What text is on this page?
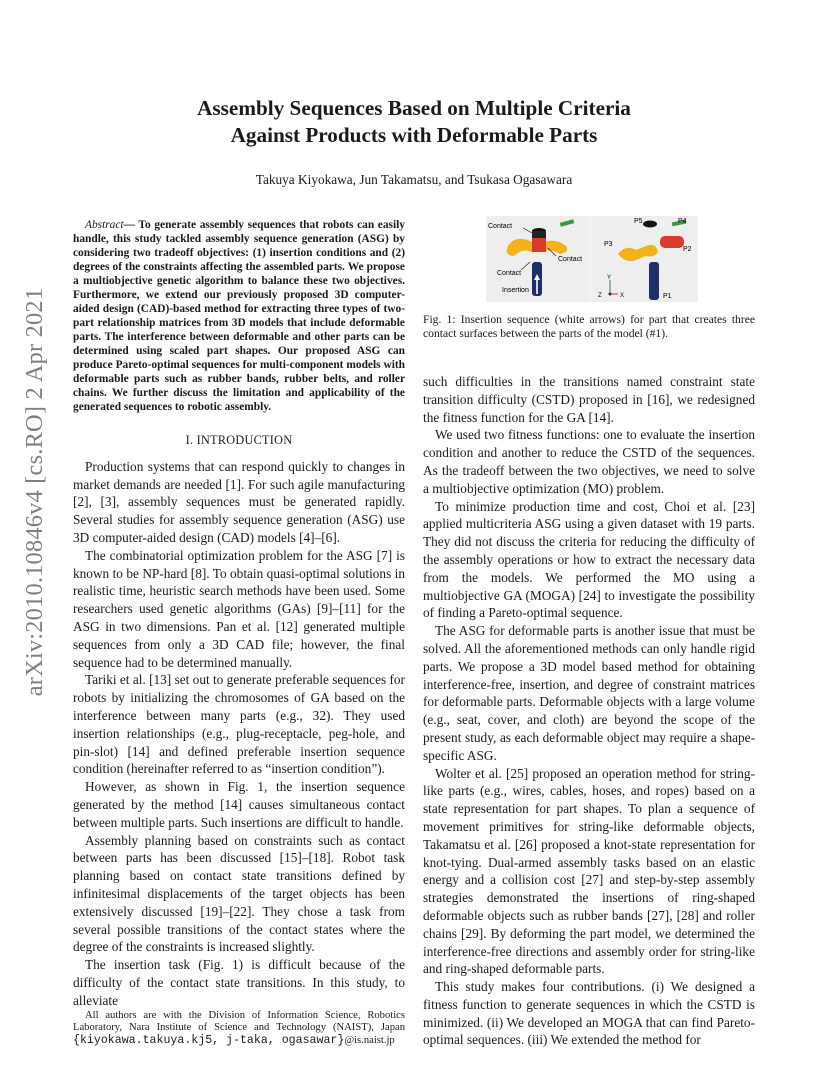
arXiv:2010.10846v4 [cs.RO] 2 Apr 2021
Assembly Sequences Based on Multiple Criteria
Against Products with Deformable Parts
Takuya Kiyokawa, Jun Takamatsu, and Tsukasa Ogasawara

Abstract— To generate assembly sequences that robots can easily handle, this study tackled assembly sequence generation (ASG) by considering two tradeoff objectives: (1) insertion conditions and (2) degrees of the constraints affecting the assembled parts. We propose a multiobjective genetic algorithm to balance these two objectives. Furthermore, we extend our previously proposed 3D computer-aided design (CAD)-based method for extracting three types of two-part relationship matrices from 3D models that include deformable parts. The interference between deformable and other parts can be determined using scaled part shapes. Our proposed ASG can produce Pareto-optimal sequences for multi-component models with deformable parts such as rubber bands, rubber belts, and roller chains. We further discuss the limitation and applicability of the generated sequences to robotic assembly.

I. INTRODUCTION

Production systems that can respond quickly to changes in market demands are needed [1]. For such agile manufacturing [2], [3], assembly sequences must be generated rapidly. Several studies for assembly sequence generation (ASG) use 3D computer-aided design (CAD) models [4]–[6].

The combinatorial optimization problem for the ASG [7] is known to be NP-hard [8]. To obtain quasi-optimal solutions in realistic time, heuristic search methods have been used. Some researchers used genetic algorithms (GAs) [9]–[11] for the ASG in two dimensions. Pan et al. [12] generated multiple sequences from only a 3D CAD file; however, the final sequence had to be determined manually.

Tariki et al. [13] set out to generate preferable sequences for robots by initializing the chromosomes of GA based on the interference between many parts (e.g., 32). They used insertion relationships (e.g., plug-receptacle, peg-hole, and pin-slot) [14] and defined preferable insertion sequence condition (hereinafter referred to as “insertion condition”).

However, as shown in Fig. 1, the insertion sequence generated by the method [14] causes simultaneous contact between multiple parts. Such insertions are difficult to handle.

Assembly planning based on constraints such as contact between parts has been discussed [15]–[18]. Robot task planning based on contact state transitions defined by infinitesimal displacements of the target objects has been extensively discussed [19]–[22]. They chose a task from several possible transitions of the contact states where the degree of the constraints is increased slightly.

The insertion task (Fig. 1) is difficult because of the difficulty of the contact state transitions. In this study, to alleviate

All authors are with the Division of Information Science, Robotics Laboratory, Nara Institute of Science and Technology (NAIST), Japan {kiyokawa.takuya.kj5, j-taka, ogasawar}@is.naist.jp

Contact
Contact
Contact
Insertion
P5	P4
P3
P2
P1
Y
Z	X
Fig. 1: Insertion sequence (white arrows) for part that creates three contact surfaces between the parts of the model (#1).

such difficulties in the transitions named constraint state transition difficulty (CSTD) proposed in [16], we redesigned the fitness function for the GA [14].

We used two fitness functions: one to evaluate the insertion condition and another to reduce the CSTD of the sequences. As the tradeoff between the two objectives, we need to solve a multiobjective optimization (MO) problem.

To minimize production time and cost, Choi et al. [23] applied multicriteria ASG using a given dataset with 19 parts. They did not discuss the criteria for reducing the difficulty of the assembly operations or how to extract the necessary data from the models. We performed the MO using a multiobjective GA (MOGA) [24] to investigate the possibility of finding a Pareto-optimal sequence.

The ASG for deformable parts is another issue that must be solved. All the aforementioned methods can only handle rigid parts. We propose a 3D model based method for obtaining interference-free, insertion, and degree of constraint matrices for deformable parts. Deformable objects with a large volume (e.g., seat, cover, and cloth) are beyond the scope of the present study, as each deformable object may require a shape-specific ASG.

Wolter et al. [25] proposed an operation method for string-like parts (e.g., wires, cables, hoses, and ropes) based on a state representation for part shapes. To plan a sequence of movement primitives for string-like deformable objects, Takamatsu et al. [26] proposed a knot-state representation for knot-tying. Dual-armed assembly tasks based on an elastic energy and a collision cost [27] and step-by-step assembly strategies demonstrated the insertions of ring-shaped deformable objects such as rubber bands [27], [28] and roller chains [29]. By deforming the part model, we determined the interference-free directions and assembly order for string-like and ring-shaped deformable parts.

This study makes four contributions. (i) We designed a fitness function to generate sequences in which the CSTD is minimized. (ii) We developed an MOGA that can find Pareto-optimal sequences. (iii) We extended the method for
